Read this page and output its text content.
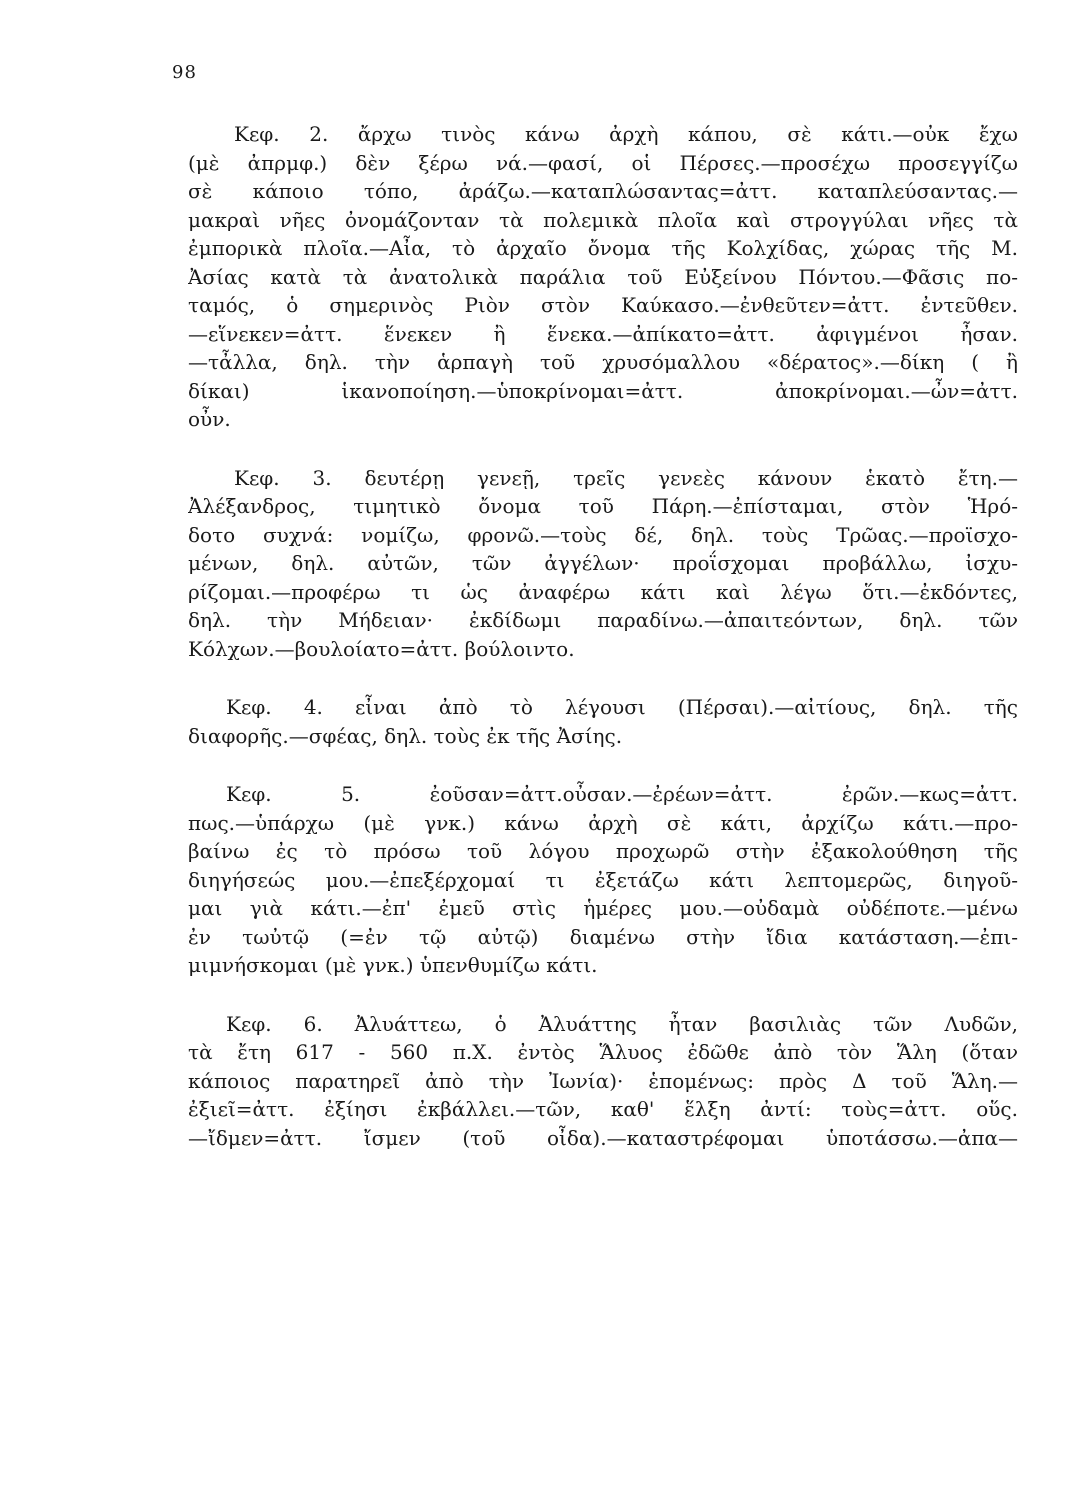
98
Κεφ. 2. ἄρχω τινὸς κάνω ἀρχὴ κάπου, σὲ κάτι.—οὐκ ἔχω
(μὲ ἀπρμφ.) δὲν ξέρω νά.—φασί, οἱ Πέρσες.—προσέχω προσεγγίζω
σὲ κάποιο τόπο, ἀράζω.—καταπλώσαντας=ἀττ. καταπλεύσαντας.—
μακραὶ νῆες ὀνομάζονταν τὰ πολεμικὰ πλοῖα καὶ στρογγύλαι νῆες τὰ
ἐμπορικὰ πλοῖα.—Αἶα, τὸ ἀρχαῖο ὄνομα τῆς Κολχίδας, χώρας τῆς Μ.
Ἀσίας κατὰ τὰ ἀνατολικὰ παράλια τοῦ Εὐξείνου Πόντου.—Φᾶσις πο-
ταμός, ὁ σημερινὸς Ριὸν στὸν Καύκασο.—ἐνθεῦτεν=ἀττ. ἐντεῦθεν.
—εἵνεκεν=ἀττ. ἕνεκεν ἢ ἕνεκα.—ἀπίκατο=ἀττ. ἀφιγμένοι ἦσαν.
—τἆλλα, δηλ. τὴν ἁρπαγὴ τοῦ χρυσόμαλλου «δέρατος».—δίκη ( ἢ
δίκαι) ἱκανοποίηση.—ὑποκρίνομαι=ἀττ. ἀποκρίνομαι.—ὦν=ἀττ.
οὖν.
Κεφ. 3. δευτέρῃ γενεῇ, τρεῖς γενεὲς κάνουν ἑκατὸ ἔτη.—
Ἀλέξανδρος, τιμητικὸ ὄνομα τοῦ Πάρη.—ἐπίσταμαι, στὸν Ἡρό-
δοτο συχνά: νομίζω, φρονῶ.—τοὺς δέ, δηλ. τοὺς Τρῶας.—προϊσχο-
μένων, δηλ. αὐτῶν, τῶν ἀγγέλων· προΐσχομαι προβάλλω, ἰσχυ-
ρίζομαι.—προφέρω τι ὡς ἀναφέρω κάτι καὶ λέγω ὅτι.—ἐκδόντες,
δηλ. τὴν Μήδειαν· ἐκδίδωμι παραδίνω.—ἀπαιτεόντων, δηλ. τῶν
Κόλχων.—βουλοίατο=ἀττ. βούλοιντο.
Κεφ. 4. εἶναι ἀπὸ τὸ λέγουσι (Πέρσαι).—αἰτίους, δηλ. τῆς
διαφορῆς.—σφέας, δηλ. τοὺς ἐκ τῆς Ἀσίης.
Κεφ. 5. ἐοῦσαν=ἀττ.οὖσαν.—ἐρέων=ἀττ. ἐρῶν.—κως=ἀττ.
πως.—ὑπάρχω (μὲ γνκ.) κάνω ἀρχὴ σὲ κάτι, ἀρχίζω κάτι.—προ-
βαίνω ἐς τὸ πρόσω τοῦ λόγου προχωρῶ στὴν ἐξακολούθηση τῆς
διηγήσεώς μου.—ἐπεξέρχομαί τι ἐξετάζω κάτι λεπτομερῶς, διηγοῦ-
μαι γιὰ κάτι.—ἐπ' ἐμεῦ στὶς ἡμέρες μου.—οὐδαμὰ οὐδέποτε.—μένω
ἐν τωὐτῷ (=ἐν τῷ αὐτῷ) διαμένω στὴν ἴδια κατάσταση.—ἐπι-
μιμνήσκομαι (μὲ γνκ.) ὑπενθυμίζω κάτι.
Κεφ. 6. Ἀλυάττεω, ὁ Ἀλυάττης ἦταν βασιλιὰς τῶν Λυδῶν,
τὰ ἔτη 617 - 560 π.Χ. ἐντὸς Ἅλυος ἐδῶθε ἀπὸ τὸν Ἅλη (ὅταν
κάποιος παρατηρεῖ ἀπὸ τὴν Ἰωνία)· ἑπομένως: πρὸς Δ τοῦ Ἅλη.—
ἐξιεῖ=ἀττ. ἐξίησι ἐκβάλλει.—τῶν, καθ' ἕλξη ἀντί: τοὺς=ἀττ. οὕς.
—ἴδμεν=ἀττ. ἴσμεν (τοῦ οἶδα).—καταστρέφομαι ὑποτάσσω.—ἀπα—
